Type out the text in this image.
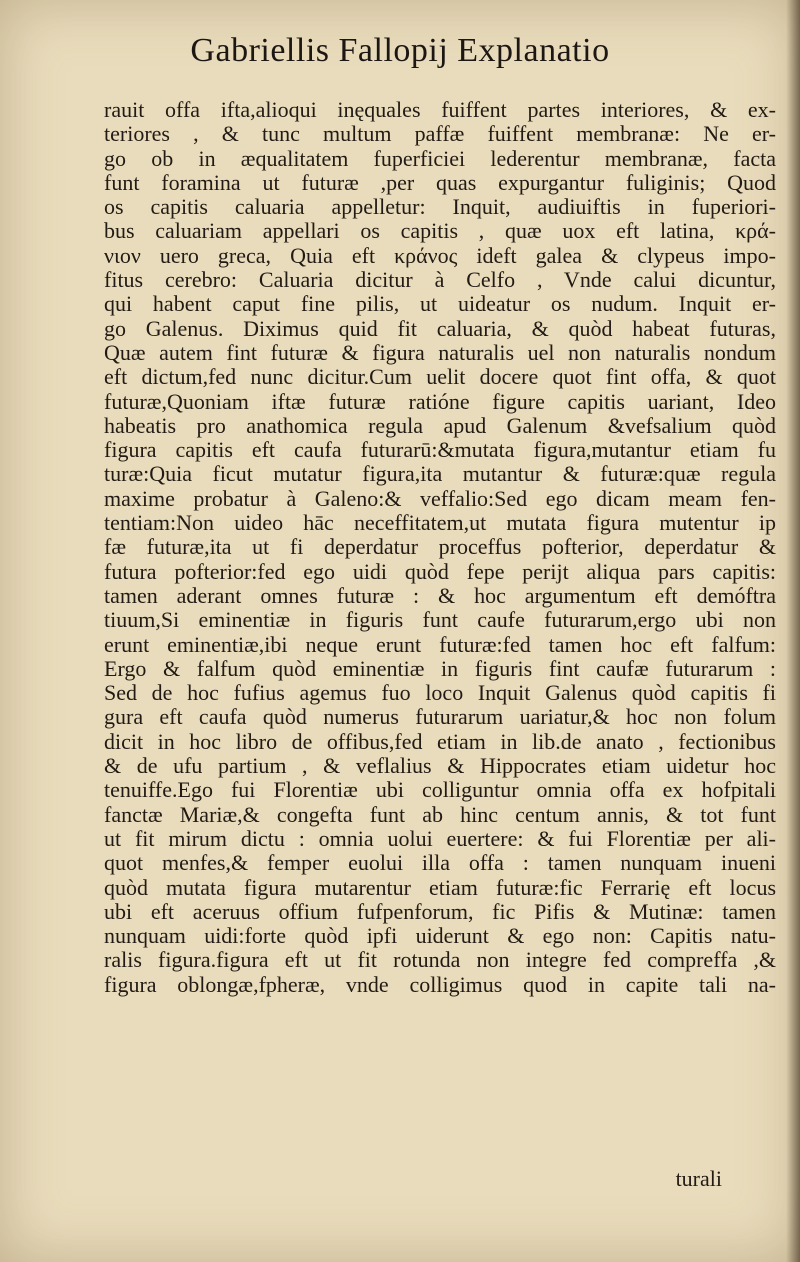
Gabriellis Fallopij Explanatio
rauit offa ifta,alioqui inęquales fuiffent partes interiores, & ex-
teriores , & tunc multum paffæ fuiffent membranæ: Ne er-
go ob in æqualitatem fuperficiei lederentur membranæ, facta
funt foramina ut futuræ ,per quas expurgantur fuliginis; Quod
os capitis caluaria appelletur: Inquit, audiuiftis in fuperiori-
bus caluariam appellari os capitis , quæ uox eft latina, κρά-
νιον uero greca, Quia eft κράνος ideft galea & clypeus impo-
fitus cerebro: Caluaria dicitur à Celfo , Vnde calui dicuntur,
qui habent caput fine pilis, ut uideatur os nudum. Inquit er-
go Galenus. Diximus quid fit caluaria, & quòd habeat futuras,
Quæ autem fint futuræ & figura naturalis uel non naturalis nondum
eft dictum,fed nunc dicitur.Cum uelit docere quot fint offa, & quot
futuræ,Quoniam iftæ futuræ ratióne figure capitis uariant, Ideo
habeatis pro anathomica regula apud Galenum &vefsalium quòd
figura capitis eft caufa futurarū:&mutata figura,mutantur etiam fu
turæ:Quia ficut mutatur figura,ita mutantur & futuræ:quæ regula
maxime probatur à Galeno:& veffalio:Sed ego dicam meam fen-
tentiam:Non uideo hāc neceffitatem,ut mutata figura mutentur ip
fæ futuræ,ita ut fi deperdatur proceffus pofterior, deperdatur &
futura pofterior:fed ego uidi quòd fepe perijt aliqua pars capitis:
tamen aderant omnes futuræ : & hoc argumentum eft demóftra
tiuum,Si eminentiæ in figuris funt caufe futurarum,ergo ubi non
erunt eminentiæ,ibi neque erunt futuræ:fed tamen hoc eft falfum:
Ergo & falfum quòd eminentiæ in figuris fint caufæ futurarum :
Sed de hoc fufius agemus fuo loco Inquit Galenus quòd capitis fi
gura eft caufa quòd numerus futurarum uariatur,& hoc non folum
dicit in hoc libro de offibus,fed etiam in lib.de anato , fectionibus
& de ufu partium , & veflalius & Hippocrates etiam uidetur hoc
tenuiffe.Ego fui Florentiæ ubi colliguntur omnia offa ex hofpitali
fanctæ Mariæ,& congefta funt ab hinc centum annis, & tot funt
ut fit mirum dictu : omnia uolui euertere: & fui Florentiæ per ali-
quot menfes,& femper euolui illa offa : tamen nunquam inueni
quòd mutata figura mutarentur etiam futuræ:fic Ferrarię eft locus
ubi eft aceruus offium fufpenforum, fic Pifis & Mutinæ: tamen
nunquam uidi:forte quòd ipfi uiderunt & ego non: Capitis natu-
ralis figura.figura eft ut fit rotunda non integre fed compreffa ,&
figura oblongæ,fpheræ, vnde colligimus quod in capite tali na-
turali
